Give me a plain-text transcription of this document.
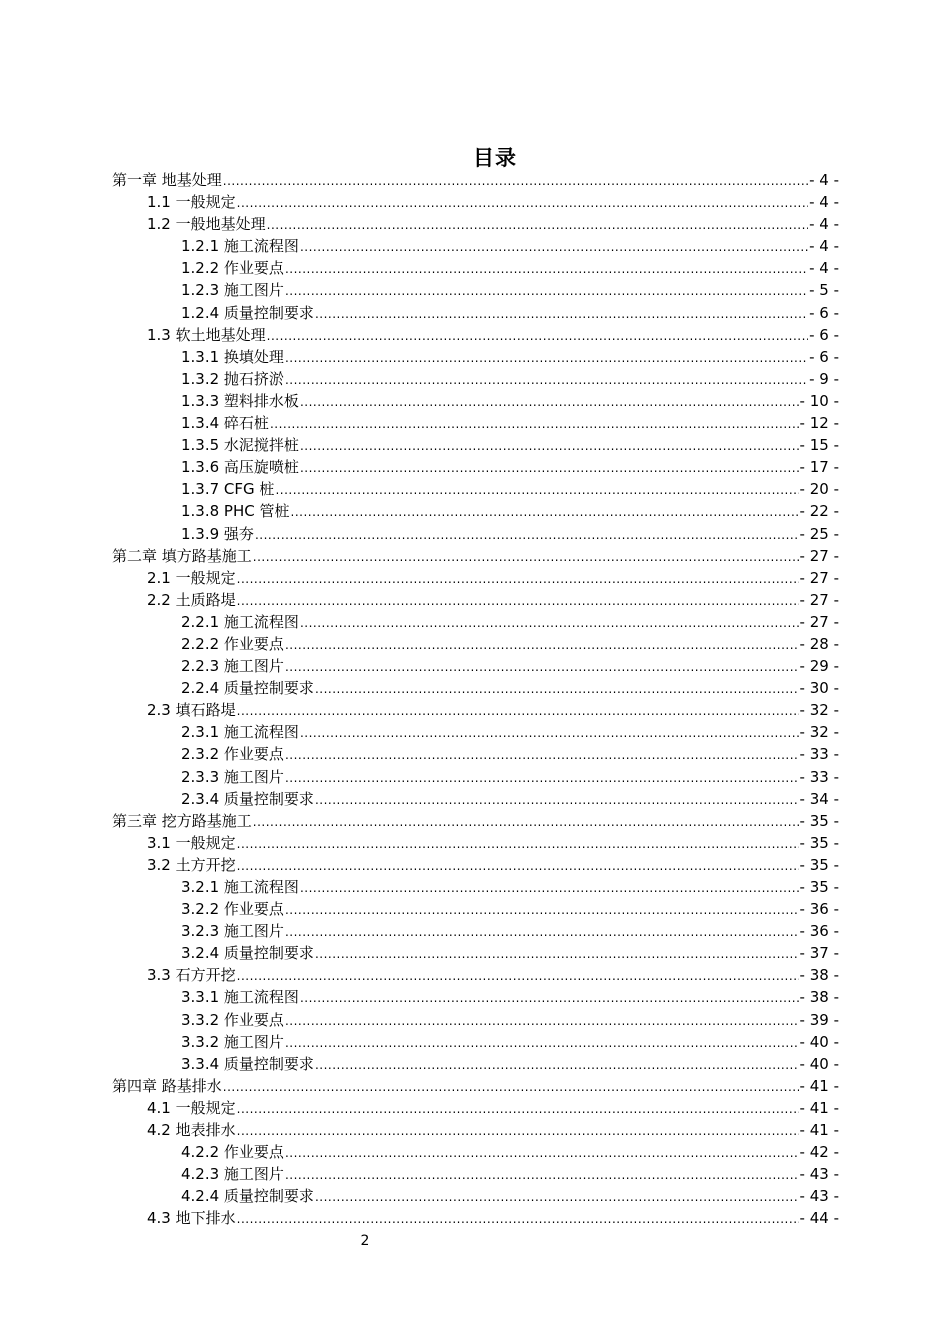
目录
第一章 地基处理 .....	- 4 -
1.1 一般规定 .....	- 4 -
1.2 一般地基处理 .....	- 4 -
1.2.1 施工流程图 .....	- 4 -
1.2.2 作业要点 .....	- 4 -
1.2.3 施工图片 .....	- 5 -
1.2.4 质量控制要求 .....	- 6 -
1.3 软土地基处理 .....	- 6 -
1.3.1 换填处理 .....	- 6 -
1.3.2 抛石挤淤 .....	- 9 -
1.3.3 塑料排水板 .....	- 10 -
1.3.4 碎石桩 .....	- 12 -
1.3.5 水泥搅拌桩 .....	- 15 -
1.3.6 高压旋喷桩 .....	- 17 -
1.3.7 CFG 桩 .....	- 20 -
1.3.8 PHC 管桩 .....	- 22 -
1.3.9 强夯 .....	- 25 -
第二章 填方路基施工 .....	- 27 -
2.1 一般规定 .....	- 27 -
2.2 土质路堤 .....	- 27 -
2.2.1 施工流程图 .....	- 27 -
2.2.2 作业要点 .....	- 28 -
2.2.3 施工图片 .....	- 29 -
2.2.4 质量控制要求 .....	- 30 -
2.3 填石路堤 .....	- 32 -
2.3.1 施工流程图 .....	- 32 -
2.3.2 作业要点 .....	- 33 -
2.3.3 施工图片 .....	- 33 -
2.3.4 质量控制要求 .....	- 34 -
第三章 挖方路基施工 .....	- 35 -
3.1 一般规定 .....	- 35 -
3.2 土方开挖 .....	- 35 -
3.2.1 施工流程图 .....	- 35 -
3.2.2 作业要点 .....	- 36 -
3.2.3 施工图片 .....	- 36 -
3.2.4 质量控制要求 .....	- 37 -
3.3 石方开挖 .....	- 38 -
3.3.1 施工流程图 .....	- 38 -
3.3.2 作业要点 .....	- 39 -
3.3.2 施工图片 .....	- 40 -
3.3.4 质量控制要求 .....	- 40 -
第四章 路基排水 .....	- 41 -
4.1 一般规定 .....	- 41 -
4.2 地表排水 .....	- 41 -
4.2.2 作业要点 .....	- 42 -
4.2.3 施工图片 .....	- 43 -
4.2.4 质量控制要求 .....	- 43 -
4.3 地下排水 .....	- 44 -
2
